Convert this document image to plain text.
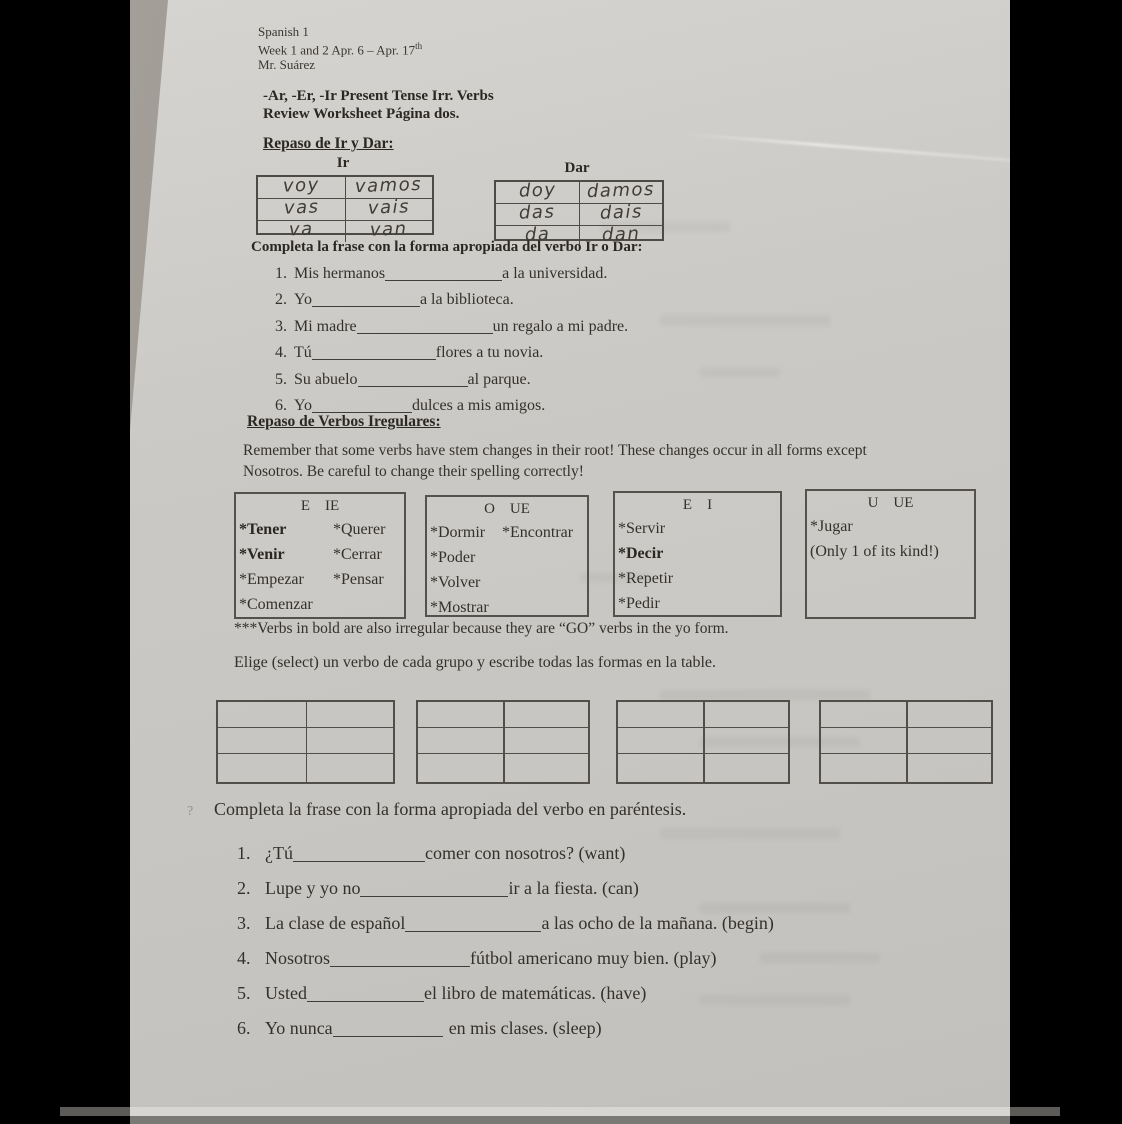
Spanish 1
Week 1 and 2 Apr. 6 – Apr. 17th
Mr. Suárez
-Ar, -Er, -Ir Present Tense Irr. Verbs
Review Worksheet Página dos.
Repaso de Ir y Dar:
Ir
voy vamos
vas	vais
va	van
Dar
doy damos
das dais
da	dan
Completa la frase con la forma apropiada del verbo Ir o Dar:
1. Mis hermanos	a la universidad.
2. Yo	a la biblioteca.
3. Mi madre	un regalo a mi padre.
4. Tú	flores a tu novia.
5. Su abuelo	al parque.
6. Yo	dulces a mis amigos.
Repaso de Verbos Iregulares:
Remember that some verbs have stem changes in their root! These changes occur in all forms except
Nosotros. Be careful to change their spelling correctly!
E    IE
*Tener
*Venir
*Empezar
*Comenzar
*Querer
*Cerrar
*Pensar
O    UE
*Dormir
*Poder
*Volver
*Mostrar
*Encontrar
E    I
*Servir
*Decir
*Repetir
*Pedir
U    UE
*Jugar
(Only 1 of its kind!)
***Verbs in bold are also irregular because they are “GO” verbs in the yo form.
Elige (select) un verbo de cada grupo y escribe todas las formas en la table.
? Completa la frase con la forma apropiada del verbo en paréntesis.
1. ¿Tú	comer con nosotros? (want)
2. Lupe y yo no	ir a la fiesta. (can)
3. La clase de español	a las ocho de la mañana. (begin)
4. Nosotros	fútbol americano muy bien. (play)
5. Usted	el libro de matemáticas. (have)
6. Yo nunca	en mis clases. (sleep)
